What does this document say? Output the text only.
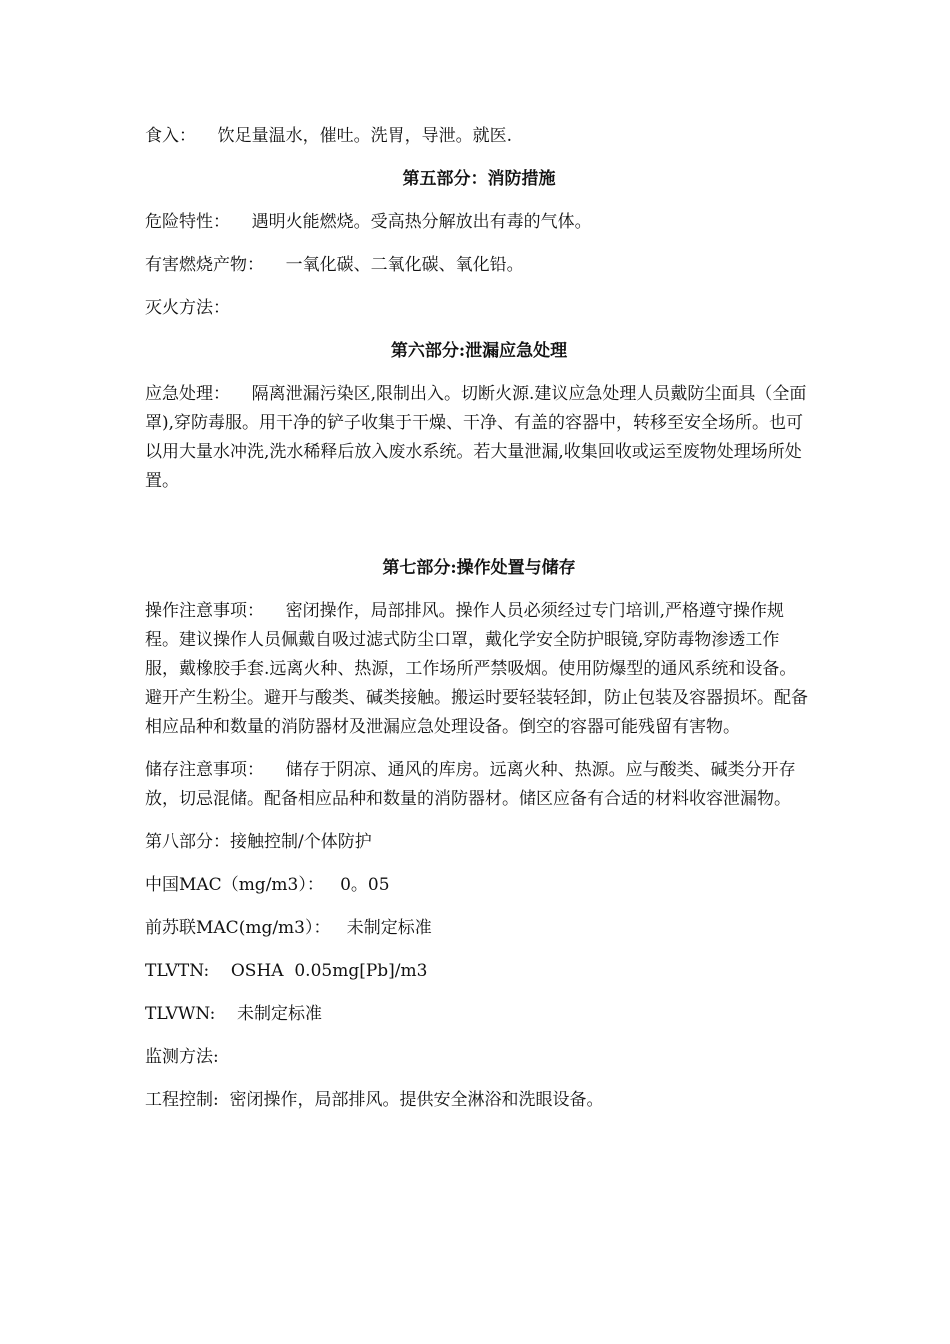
食入： 饮足量温水，催吐。洗胃，导泄。就医.

第五部分：消防措施

危险特性： 遇明火能燃烧。受高热分解放出有毒的气体。

有害燃烧产物： 一氧化碳、二氧化碳、氧化铅。

灭火方法：

第六部分:泄漏应急处理

应急处理： 隔离泄漏污染区,限制出入。切断火源.建议应急处理人员戴防尘面具（全面罩),穿防毒服。用干净的铲子收集于干燥、干净、有盖的容器中，转移至安全场所。也可以用大量水冲洗,洗水稀释后放入废水系统。若大量泄漏,收集回收或运至废物处理场所处置。

第七部分:操作处置与储存

操作注意事项： 密闭操作，局部排风。操作人员必须经过专门培训,严格遵守操作规程。建议操作人员佩戴自吸过滤式防尘口罩，戴化学安全防护眼镜,穿防毒物渗透工作服，戴橡胶手套.远离火种、热源，工作场所严禁吸烟。使用防爆型的通风系统和设备。避开产生粉尘。避开与酸类、碱类接触。搬运时要轻装轻卸，防止包装及容器损坏。配备相应品种和数量的消防器材及泄漏应急处理设备。倒空的容器可能残留有害物。

储存注意事项： 储存于阴凉、通风的库房。远离火种、热源。应与酸类、碱类分开存放，切忌混储。配备相应品种和数量的消防器材。储区应备有合适的材料收容泄漏物。

第八部分：接触控制/个体防护

中国MAC（mg/m3）： 0。05

前苏联MAC(mg/m3）： 未制定标准

TLVTN: OSHA  0.05mg[Pb]/m3

TLVWN: 未制定标准

监测方法:

工程控制: 密闭操作，局部排风。提供安全淋浴和洗眼设备。
